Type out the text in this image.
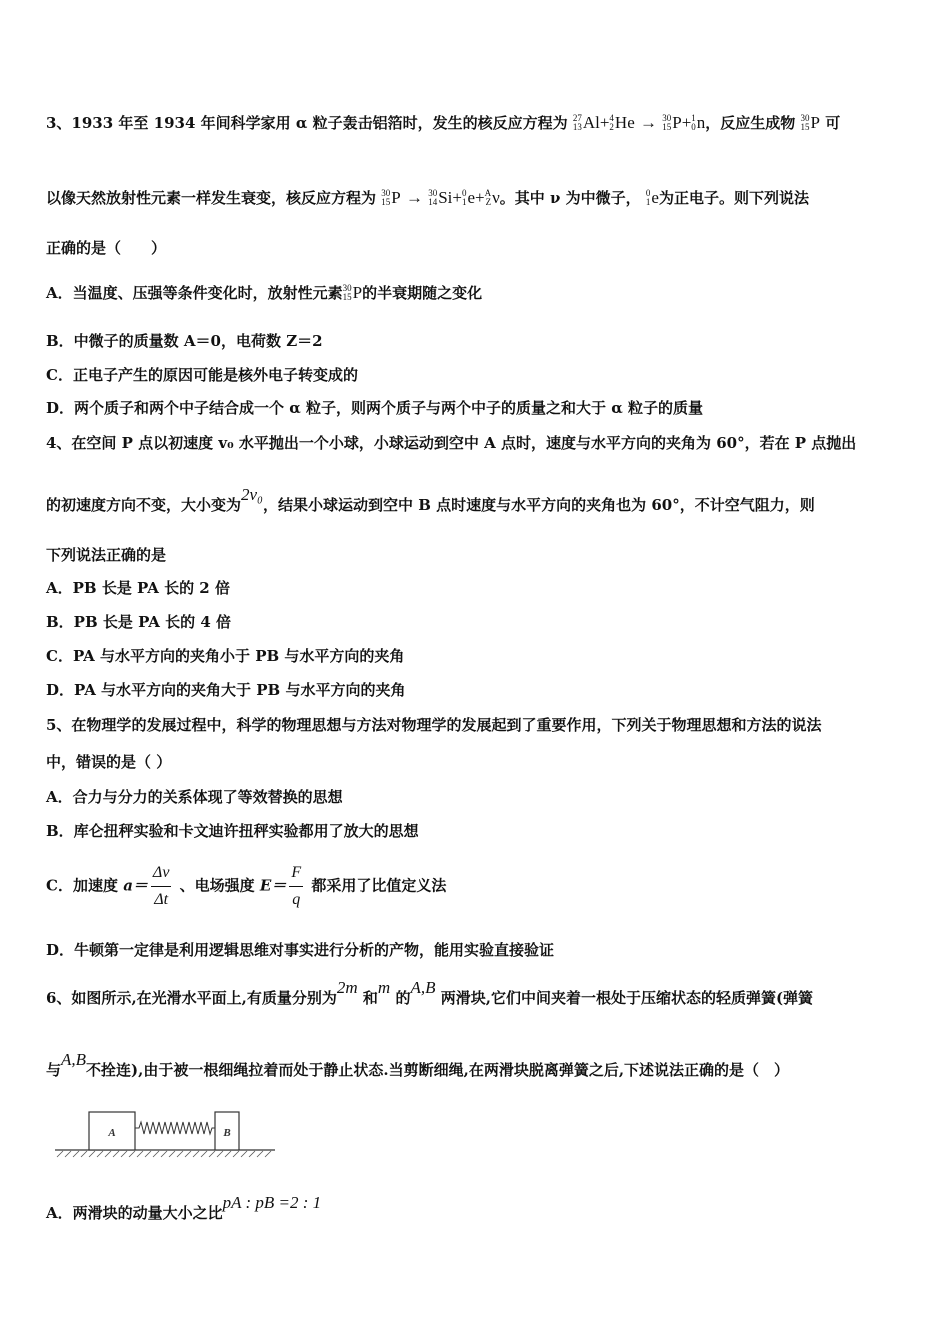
3、1933 年至 1934 年间科学家用 α 粒子轰击铝箔时，发生的核反应方程为 27
13 Al+ 4
2 He → 30
15 P+ 1
0 n，反应生成物 30
15 P 可
以像天然放射性元素一样发生衰变，核反应方程为 30
15 P → 30
14 Si+ 0
1 e+ A
Z ν。其中 ν 为中微子， 0
1 e为正电子。则下列说法
正确的是（　　）
A．当温度、压强等条件变化时，放射性元素 30
15 P的半衰期随之变化
B．中微子的质量数 A＝0，电荷数 Z＝2
C．正电子产生的原因可能是核外电子转变成的
D．两个质子和两个中子结合成一个 α 粒子，则两个质子与两个中子的质量之和大于 α 粒子的质量
4、在空间 P 点以初速度 v₀ 水平抛出一个小球，小球运动到空中 A 点时，速度与水平方向的夹角为 60°，若在 P 点抛出
的初速度方向不变，大小变为2v₀，结果小球运动到空中 B 点时速度与水平方向的夹角也为 60°，不计空气阻力，则
下列说法正确的是
A．PB 长是 PA 长的 2 倍
B．PB 长是 PA 长的 4 倍
C．PA 与水平方向的夹角小于 PB 与水平方向的夹角
D．PA 与水平方向的夹角大于 PB 与水平方向的夹角
5、在物理学的发展过程中，科学的物理思想与方法对物理学的发展起到了重要作用，下列关于物理思想和方法的说法
中，错误的是（ ）
A．合力与分力的关系体现了等效替换的思想
B．库仑扭秤实验和卡文迪许扭秤实验都用了放大的思想
C．加速度 $a= \frac{\Delta v}{\Delta t}$ 、电场强度 $E= \frac{F}{q}$ 都采用了比值定义法
D．牛顿第一定律是利用逻辑思维对事实进行分析的产物，能用实验直接验证
6、如图所示,在光滑水平面上,有质量分别为2m 和m 的A,B 两滑块,它们中间夹着一根处于压缩状态的轻质弹簧(弹簧
与A,B不拴连),由于被一根细绳拉着而处于静止状态.当剪断细绳,在两滑块脱离弹簧之后,下述说法正确的是（　）
A	B
A．两滑块的动量大小之比pA : pB =2 : 1
